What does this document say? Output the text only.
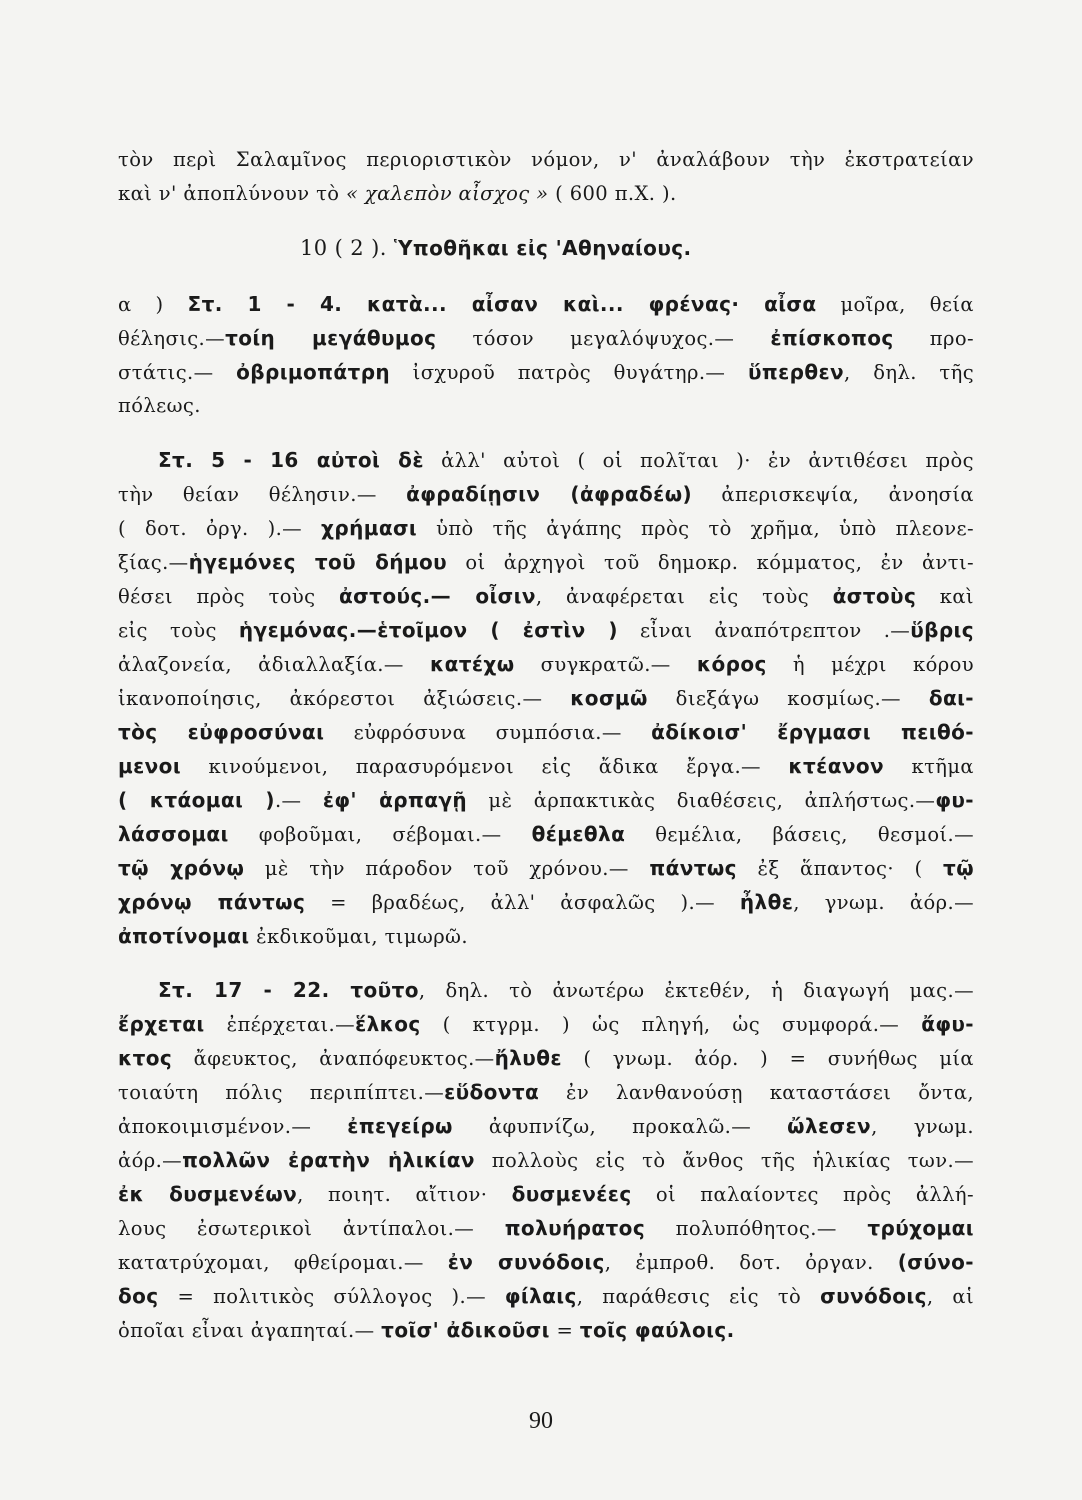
τὸν περὶ Σαλαμῖνος περιοριστικὸν νόμον, ν' ἀναλάβουν τὴν ἐκστρατείαν
καὶ ν' ἀποπλύνουν τὸ « χαλεπὸν αἶσχος » ( 600 π.Χ. ).
10 ( 2 ). Ὑποθῆκαι εἰς 'Αθηναίους.
α ) Στ. 1 - 4. κατὰ... αἶσαν καὶ... φρένας· αἶσα μοῖρα, θεία
θέλησις.—τοίη μεγάθυμος τόσον μεγαλόψυχος.— ἐπίσκοπος προ-
στάτις.— ὀβριμοπάτρη ἰσχυροῦ πατρὸς θυγάτηρ.— ὕπερθεν, δηλ. τῆς
πόλεως.
Στ. 5 - 16 αὐτοὶ δὲ ἀλλ' αὐτοὶ ( οἱ πολῖται )· ἐν ἀντιθέσει πρὸς
τὴν θείαν θέλησιν.— ἀφραδίῃσιν (ἀφραδέω) ἀπερισκεψία, ἀνοησία
( δοτ. ὀργ. ).— χρήμασι ὑπὸ τῆς ἀγάπης πρὸς τὸ χρῆμα, ὑπὸ πλεονε-
ξίας.—ἡγεμόνες τοῦ δήμου οἱ ἀρχηγοὶ τοῦ δημοκρ. κόμματος, ἐν ἀντι-
θέσει πρὸς τοὺς ἀστούς.— οἶσιν, ἀναφέρεται εἰς τοὺς ἀστοὺς καὶ
εἰς τοὺς ἡγεμόνας.—ἑτοῖμον ( ἐστὶν ) εἶναι ἀναπότρεπτον .—ὕβρις
ἀλαζονεία, ἀδιαλλαξία.— κατέχω συγκρατῶ.— κόρος ἡ μέχρι κόρου
ἱκανοποίησις, ἀκόρεστοι ἀξιώσεις.— κοσμῶ διεξάγω κοσμίως.— δαι-
τὸς εὐφροσύναι εὐφρόσυνα συμπόσια.— ἀδίκοισ' ἔργμασι πειθό-
μενοι κινούμενοι, παρασυρόμενοι εἰς ἄδικα ἔργα.— κτέανον κτῆμα
( κτάομαι ).— ἐφ' ἁρπαγῇ μὲ ἁρπακτικὰς διαθέσεις, ἀπλήστως.—φυ-
λάσσομαι φοβοῦμαι, σέβομαι.— θέμεθλα θεμέλια, βάσεις, θεσμοί.—
τῷ χρόνῳ μὲ τὴν πάροδον τοῦ χρόνου.— πάντως ἐξ ἅπαντος· ( τῷ
χρόνῳ πάντως = βραδέως, ἀλλ' ἀσφαλῶς ).— ἦλθε, γνωμ. ἀόρ.—
ἀποτίνομαι ἐκδικοῦμαι, τιμωρῶ.
Στ. 17 - 22. τοῦτο, δηλ. τὸ ἀνωτέρω ἐκτεθέν, ἡ διαγωγή μας.—
ἔρχεται ἐπέρχεται.—ἕλκος ( κτγρμ. ) ὡς πληγή, ὡς συμφορά.— ἄφυ-
κτος ἄφευκτος, ἀναπόφευκτος.—ἤλυθε ( γνωμ. ἀόρ. ) = συνήθως μία
τοιαύτη πόλις περιπίπτει.—εὕδοντα ἐν λανθανούσῃ καταστάσει ὄντα,
ἀποκοιμισμένον.— ἐπεγείρω ἀφυπνίζω, προκαλῶ.— ὤλεσεν, γνωμ.
ἀόρ.—πολλῶν ἐρατὴν ἡλικίαν πολλοὺς εἰς τὸ ἄνθος τῆς ἡλικίας των.—
ἐκ δυσμενέων, ποιητ. αἴτιον· δυσμενέες οἱ παλαίοντες πρὸς ἀλλή-
λους ἐσωτερικοὶ ἀντίπαλοι.— πολυήρατος πολυπόθητος.— τρύχομαι
κατατρύχομαι, φθείρομαι.— ἐν συνόδοις, ἐμπροθ. δοτ. ὀργαν. (σύνο-
δος = πολιτικὸς σύλλογος ).— φίλαις, παράθεσις εἰς τὸ συνόδοις, αἱ
ὁποῖαι εἶναι ἀγαπηταί.— τοῖσ' ἀδικοῦσι = τοῖς φαύλοις.
90
